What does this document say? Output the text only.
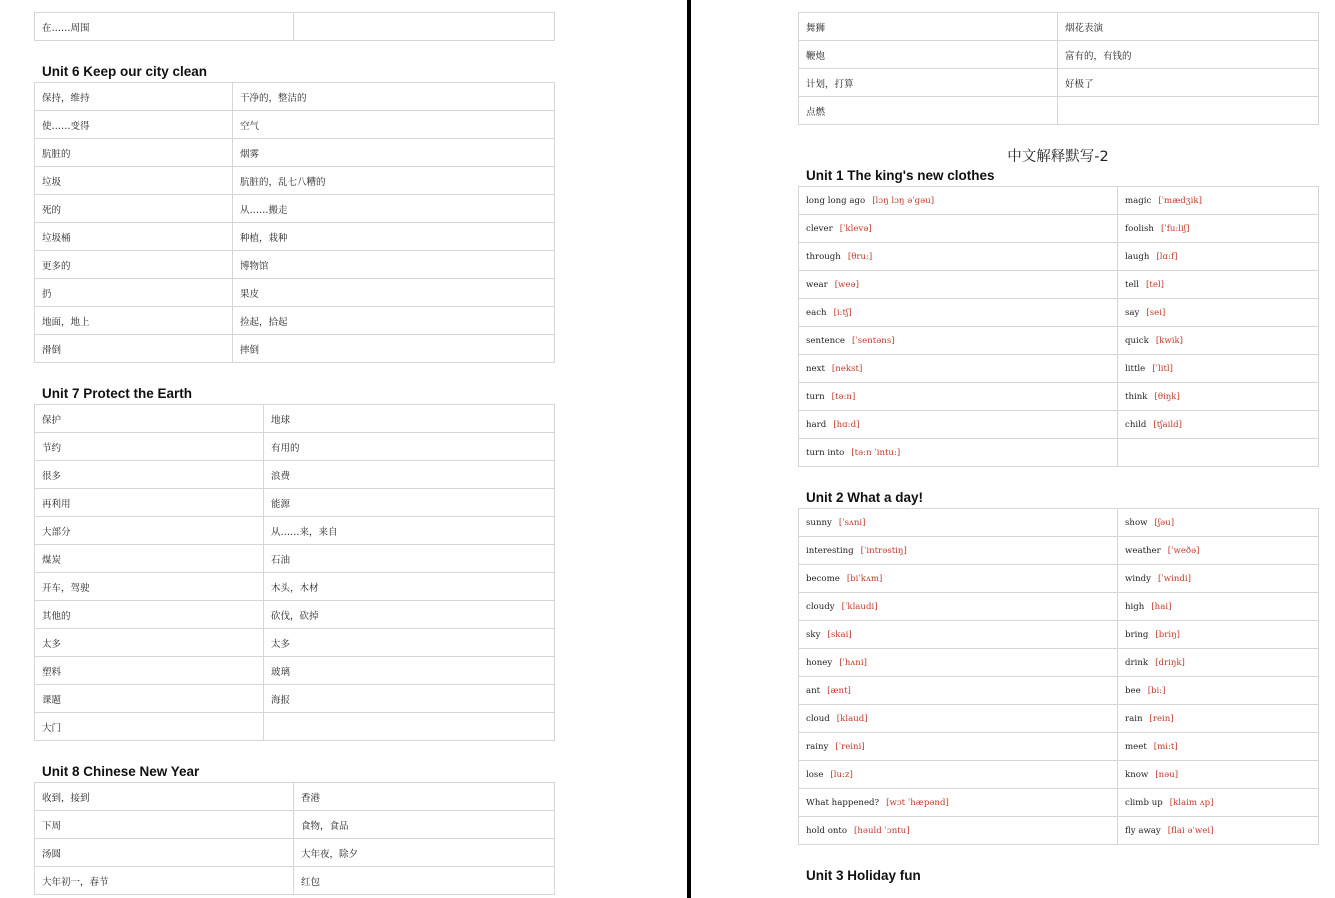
在……周围	
Unit 6 Keep our city clean
保持，维持	干净的，整洁的
使……变得	空气
肮脏的	烟雾
垃圾	肮脏的，乱七八糟的
死的	从……搬走
垃圾桶	种植，栽种
更多的	博物馆
扔	果皮
地面，地上	捡起，拾起
滑倒	摔倒
Unit 7 Protect the Earth
保护	地球
节约	有用的
很多	浪费
再利用	能源
大部分	从……来，来自
煤炭	石油
开车，驾驶	木头，木材
其他的	砍伐，砍掉
太多	太多
塑料	玻璃
课题	海报
大门	
Unit 8 Chinese New Year
收到，接到	香港
下周	食物，食品
汤圆	大年夜，除夕
大年初一，春节	红包
舞狮	烟花表演
鞭炮	富有的，有钱的
计划，打算	好极了
点燃	
中文解释默写-2
Unit 1 The king's new clothes
long long ago [lɔŋ lɔŋ əˈgəu]	magic [ˈmædʒik]
clever [ˈklevə]	foolish [ˈfu:liʃ]
through [θru:]	laugh [lɑ:f]
wear [weə]	tell [tel]
each [i:tʃ]	say [sei]
sentence [ˈsentəns]	quick [kwik]
next [nekst]	little [ˈlitl]
turn [tə:n]	think [θiŋk]
hard [hɑ:d]	child [tʃaild]
turn into [tə:n ˈintu:]	
Unit 2 What a day!
sunny [ˈsʌni]	show [ʃəu]
interesting [ˈintrəstiŋ]	weather [ˈweðə]
become [biˈkʌm]	windy [ˈwindi]
cloudy [ˈklaudi]	high [hai]
sky [skai]	bring [briŋ]
honey [ˈhʌni]	drink [driŋk]
ant [ænt]	bee [bi:]
cloud [klaud]	rain [rein]
rainy [ˈreini]	meet [mi:t]
lose [lu:z]	know [nəu]
What happened? [wɔt ˈhæpənd]	climb up [klaim ʌp]
hold onto [həuld ˈɔntu]	fly away [flai əˈwei]
Unit 3 Holiday fun
